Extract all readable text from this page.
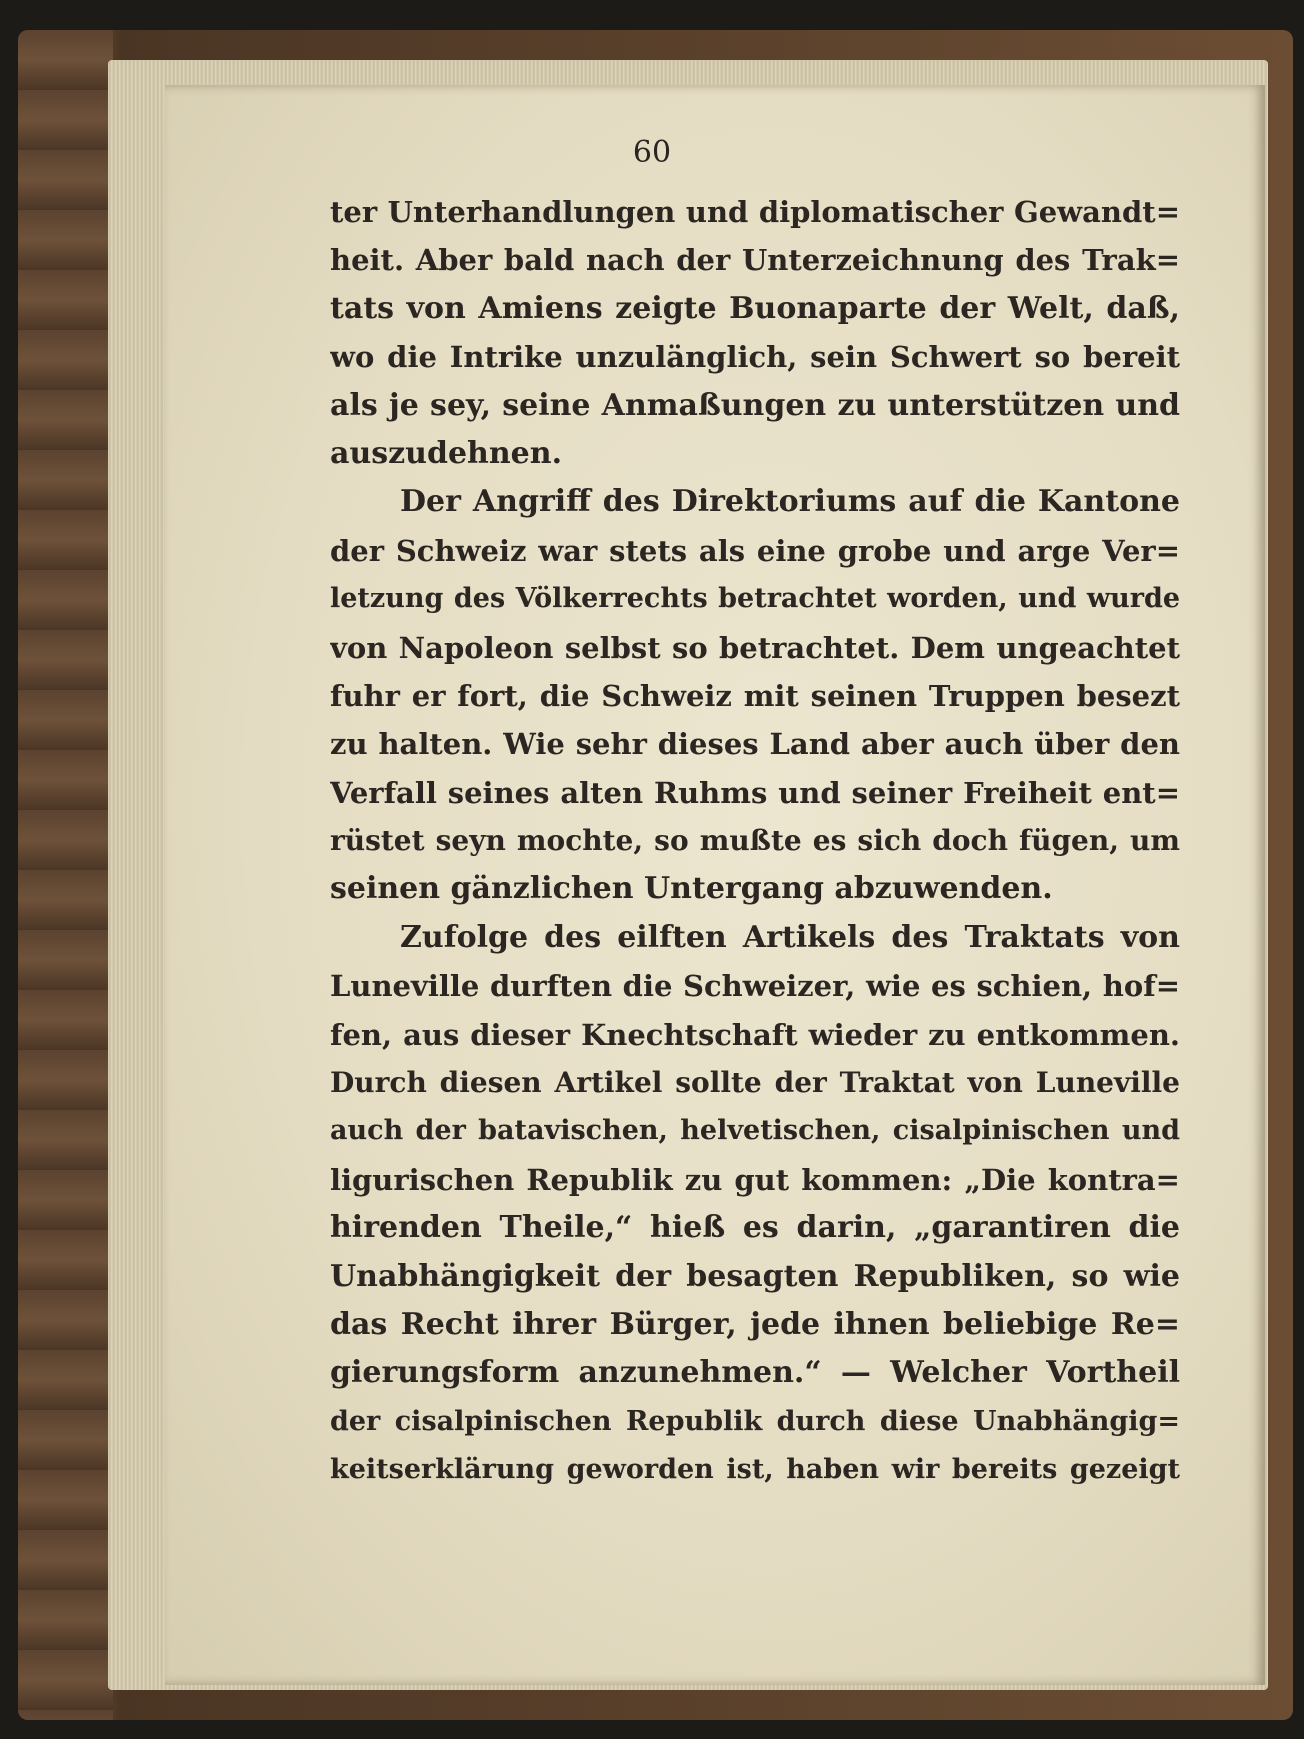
60
ter Unterhandlungen und diplomatischer Gewandt=
heit. Aber bald nach der Unterzeichnung des Trak=
tats von Amiens zeigte Buonaparte der Welt, daß,
wo die Intrike unzulänglich, sein Schwert so bereit
als je sey, seine Anmaßungen zu unterstützen und
auszudehnen.
Der Angriff des Direktoriums auf die Kantone
der Schweiz war stets als eine grobe und arge Ver=
letzung des Völkerrechts betrachtet worden, und wurde
von Napoleon selbst so betrachtet. Dem ungeachtet
fuhr er fort, die Schweiz mit seinen Truppen besezt
zu halten. Wie sehr dieses Land aber auch über den
Verfall seines alten Ruhms und seiner Freiheit ent=
rüstet seyn mochte, so mußte es sich doch fügen, um
seinen gänzlichen Untergang abzuwenden.
Zufolge des eilften Artikels des Traktats von
Luneville durften die Schweizer, wie es schien, hof=
fen, aus dieser Knechtschaft wieder zu entkommen.
Durch diesen Artikel sollte der Traktat von Luneville
auch der batavischen, helvetischen, cisalpinischen und
ligurischen Republik zu gut kommen: „Die kontra=
hirenden Theile,“ hieß es darin, „garantiren die
Unabhängigkeit der besagten Republiken, so wie
das Recht ihrer Bürger, jede ihnen beliebige Re=
gierungsform anzunehmen.“ — Welcher Vortheil
der cisalpinischen Republik durch diese Unabhängig=
keitserklärung geworden ist, haben wir bereits gezeigt
